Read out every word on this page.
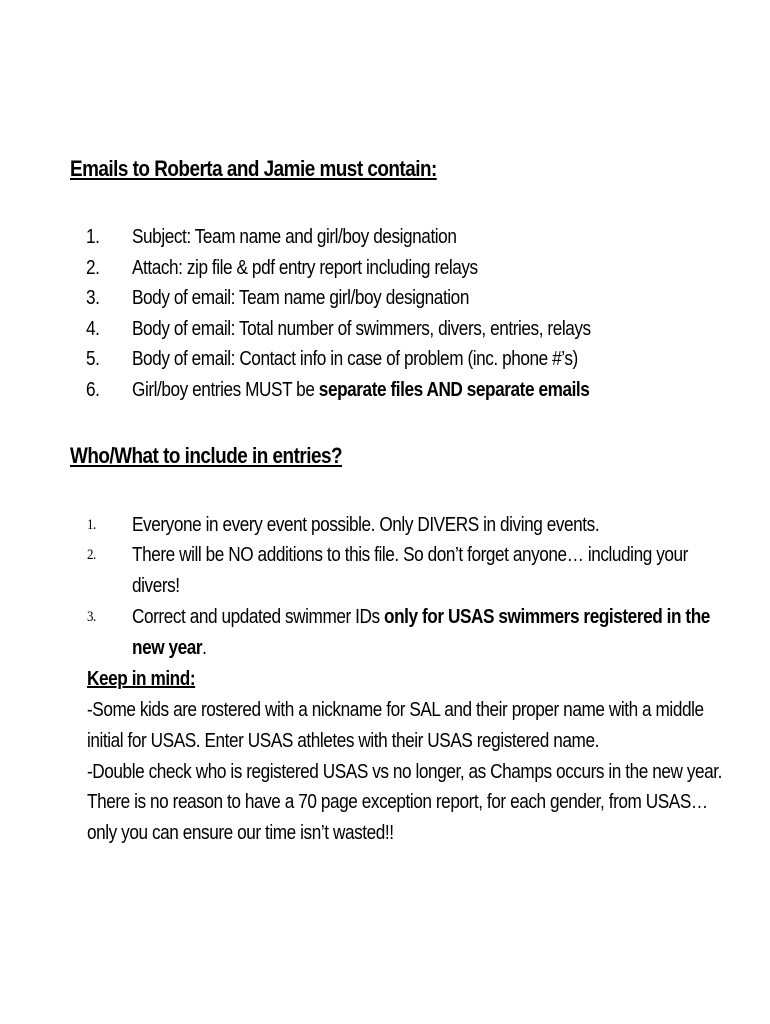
Emails to Roberta and Jamie must contain:
1.	Subject: Team name and girl/boy designation
2.	Attach: zip file & pdf entry report including relays
3.	Body of email: Team name girl/boy designation
4.	Body of email: Total number of swimmers, divers, entries, relays
5.	Body of email: Contact info in case of problem (inc. phone #’s)
6.	Girl/boy entries MUST be separate files AND separate emails
Who/What to include in entries?
1.	Everyone in every event possible. Only DIVERS in diving events.
2.	There will be NO additions to this file. So don’t forget anyone… including your
divers!
3.	Correct and updated swimmer IDs only for USAS swimmers registered in the
new year.
Keep in mind:
-Some kids are rostered with a nickname for SAL and their proper name with a middle
initial for USAS. Enter USAS athletes with their USAS registered name.
-Double check who is registered USAS vs no longer, as Champs occurs in the new year.
There is no reason to have a 70 page exception report, for each gender, from USAS…
only you can ensure our time isn’t wasted!!
